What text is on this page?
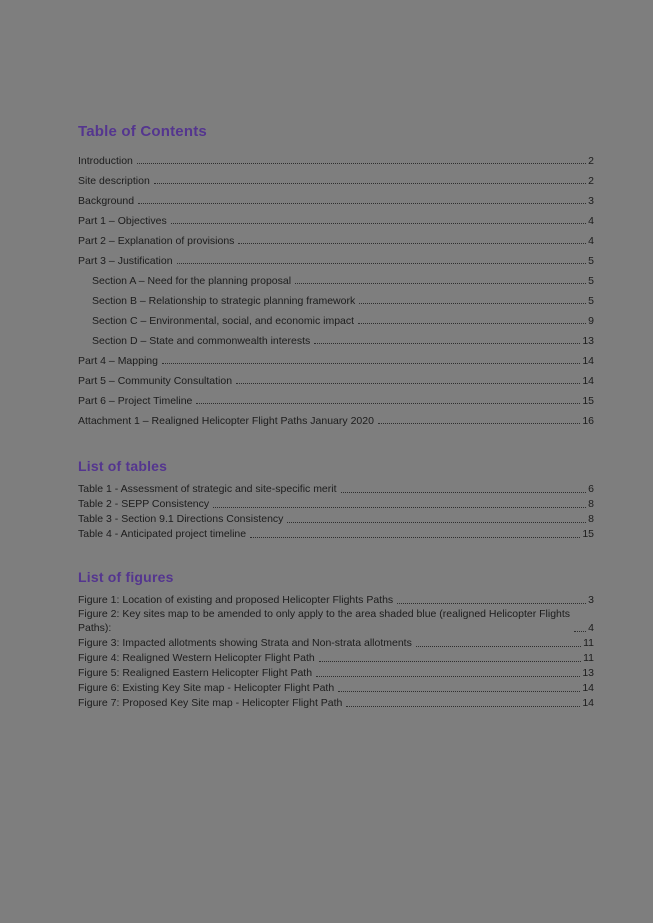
Table of Contents
Introduction	2
Site description	2
Background	3
Part 1 – Objectives	4
Part 2 – Explanation of provisions	4
Part 3 – Justification	5
Section A – Need for the planning proposal	5
Section B – Relationship to strategic planning framework	5
Section C – Environmental, social, and economic impact	9
Section D – State and commonwealth interests	13
Part 4 – Mapping	14
Part 5 – Community Consultation	14
Part 6 – Project Timeline	15
Attachment 1 – Realigned Helicopter Flight Paths January 2020	16
List of tables
Table 1 - Assessment of strategic and site-specific merit	6
Table 2 - SEPP Consistency	8
Table 3 - Section 9.1 Directions Consistency	8
Table 4 - Anticipated project timeline	15
List of figures
Figure 1: Location of existing and proposed Helicopter Flights Paths	3
Figure 2: Key sites map to be amended to only apply to the area shaded blue (realigned Helicopter Flights Paths):	4
Figure 3: Impacted allotments showing Strata and Non-strata allotments	11
Figure 4: Realigned Western Helicopter Flight Path	11
Figure 5: Realigned Eastern Helicopter Flight Path	13
Figure 6: Existing Key Site map - Helicopter Flight Path	14
Figure 7: Proposed Key Site map - Helicopter Flight Path	14
